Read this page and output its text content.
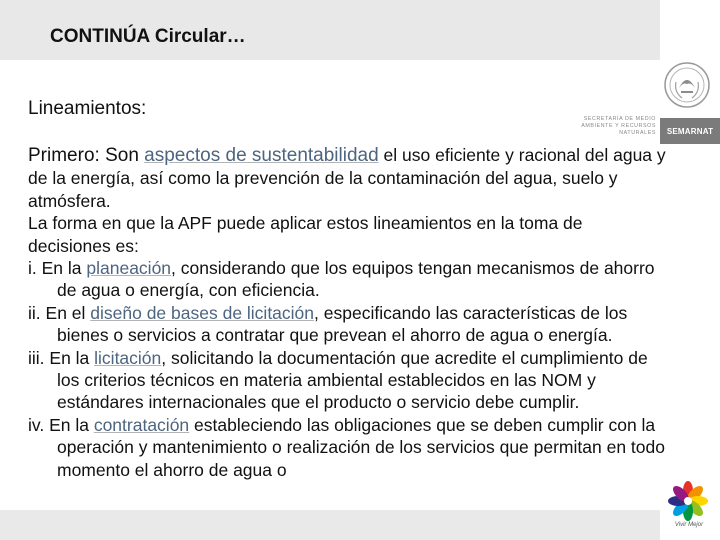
CONTINÚA Circular…
SECRETARÍA DE MEDIO AMBIENTE Y RECURSOS NATURALES	SEMARNAT
Vivir Mejor
Lineamientos:

Primero: Son aspectos de sustentabilidad el uso eficiente y racional del agua y de la energía, así como la prevención de la contaminación del agua, suelo y atmósfera.

La forma en que la APF puede aplicar estos lineamientos en la toma de decisiones es:

i. En la planeación, considerando que los equipos tengan mecanismos de ahorro de agua o energía, con eficiencia.

ii. En el diseño de bases de licitación, especificando las características de los bienes o servicios a contratar que prevean el ahorro de agua o energía.

iii. En la licitación, solicitando la documentación que acredite el cumplimiento de los criterios técnicos en materia ambiental establecidos en las NOM y estándares internacionales que el producto o servicio debe cumplir.

iv. En la contratación estableciendo las obligaciones que se deben cumplir con la operación y mantenimiento o realización de los servicios que permitan en todo momento el ahorro de agua o
